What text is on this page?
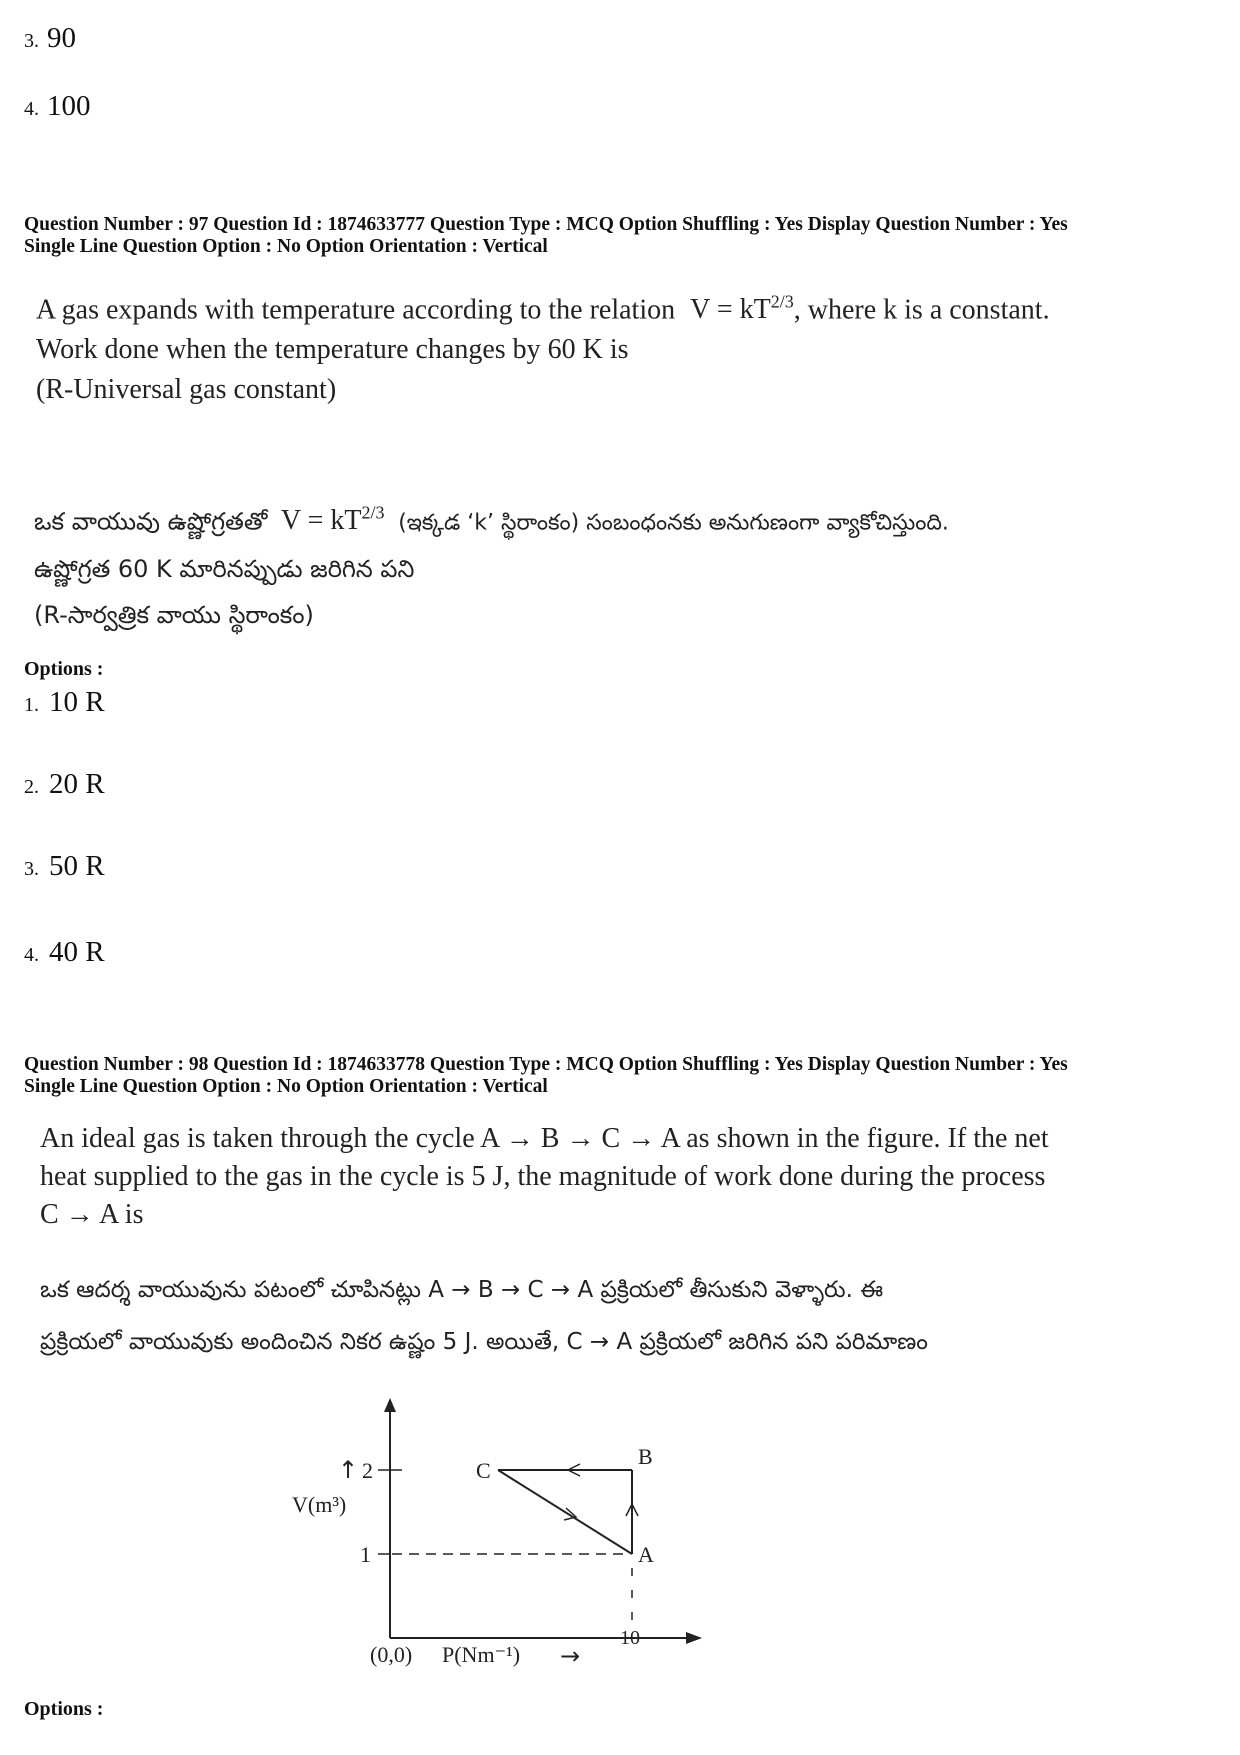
3. 90
4. 100
Question Number : 97 Question Id : 1874633777 Question Type : MCQ Option Shuffling : Yes Display Question Number : Yes
Single Line Question Option : No Option Orientation : Vertical
A gas expands with temperature according to the relation $V = kT^{2/3}$, where k is a constant.
Work done when the temperature changes by 60 K is
(R-Universal gas constant)
ఒక వాయువు ఉష్ణోగ్రతతో $V = kT^{2/3}$ (ఇక్కడ ‘k’ స్థిరాంకం) సంబంధంనకు అనుగుణంగా వ్యాకోచిస్తుంది.
ఉష్ణోగ్రత 60 K మారినప్పుడు జరిగిన పని
(R-సార్వత్రిక వాయు స్థిరాంకం)
Options :
1. 10 R
2. 20 R
3. 50 R
4. 40 R
Question Number : 98 Question Id : 1874633778 Question Type : MCQ Option Shuffling : Yes Display Question Number : Yes
Single Line Question Option : No Option Orientation : Vertical
An ideal gas is taken through the cycle A → B → C → A as shown in the figure. If the net
heat supplied to the gas in the cycle is 5 J, the magnitude of work done during the process
C → A is
ఒక ఆదర్శ వాయువును పటంలో చూపినట్లు A → B → C → A ప్రక్రియలో తీసుకుని వెళ్ళారు. ఈ
ప్రక్రియలో వాయువుకు అందించిన నికర ఉష్ణం 5 J. అయితే, C → A ప్రక్రియలో జరిగిన పని పరిమాణం
C
B
A
2
1
↑
V(m³)
10
(0,0) P(Nm⁻¹) →
Options :
